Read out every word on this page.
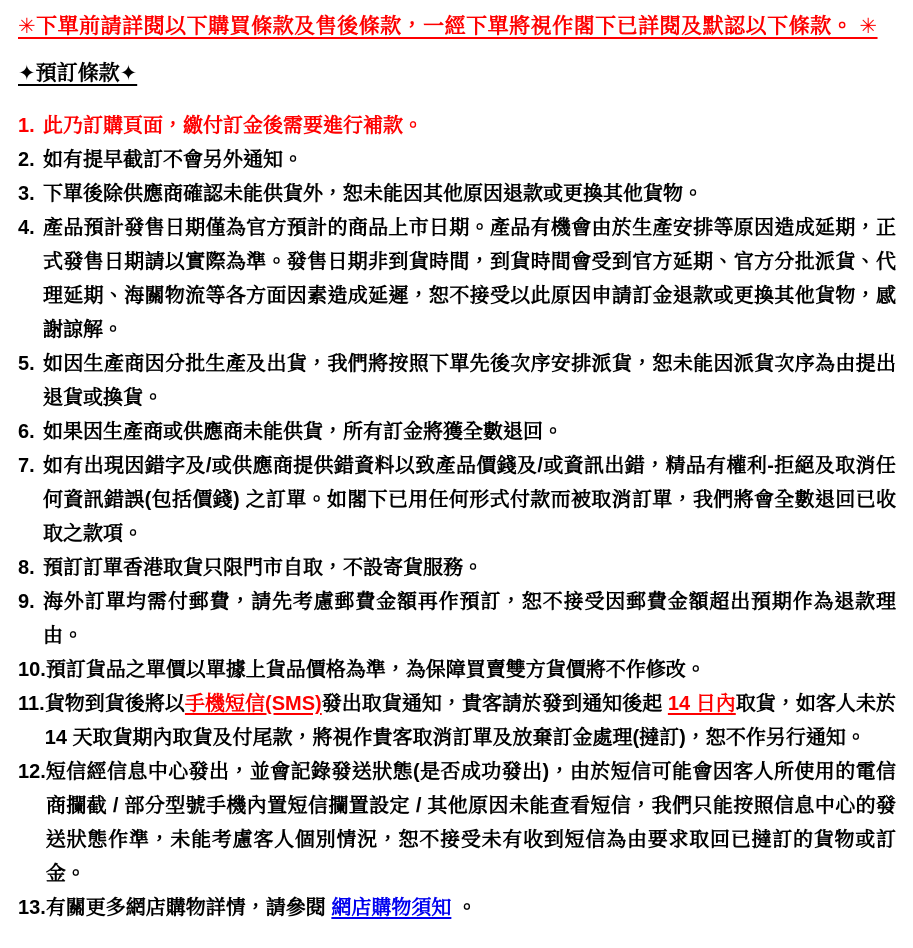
✳下單前請詳閱以下購買條款及售後條款，一經下單將視作閣下已詳閱及默認以下條款。 ✳
✦預訂條款✦
1. 此乃訂購頁面，繳付訂金後需要進行補款。
2. 如有提早截訂不會另外通知。
3. 下單後除供應商確認未能供貨外，恕未能因其他原因退款或更換其他貨物。
4. 產品預計發售日期僅為官方預計的商品上市日期。產品有機會由於生產安排等原因造成延期，正式發售日期請以實際為準。發售日期非到貨時間，到貨時間會受到官方延期、官方分批派貨、代理延期、海關物流等各方面因素造成延遲，恕不接受以此原因申請訂金退款或更換其他貨物，感謝諒解。
5. 如因生產商因分批生產及出貨，我們將按照下單先後次序安排派貨，恕未能因派貨次序為由提出退貨或換貨。
6. 如果因生產商或供應商未能供貨，所有訂金將獲全數退回。
7. 如有出現因錯字及/或供應商提供錯資料以致產品價錢及/或資訊出錯，精品有權利-拒絕及取消任何資訊錯誤(包括價錢) 之訂單。如閣下已用任何形式付款而被取消訂單，我們將會全數退回已收取之款項。
8. 預訂訂單香港取貨只限門市自取，不設寄貨服務。
9. 海外訂單均需付郵費，請先考慮郵費金額再作預訂，恕不接受因郵費金額超出預期作為退款理由。
10. 預訂貨品之單價以單據上貨品價格為準，為保障買賣雙方貨價將不作修改。
11. 貨物到貨後將以手機短信(SMS)發出取貨通知，貴客請於發到通知後起 14 日內取貨，如客人未於 14 天取貨期內取貨及付尾款，將視作貴客取消訂單及放棄訂金處理(撻訂)，恕不作另行通知。
12. 短信經信息中心發出，並會記錄發送狀態(是否成功發出)，由於短信可能會因客人所使用的電信商攔截 / 部分型號手機內置短信攔置設定 / 其他原因未能查看短信，我們只能按照信息中心的發送狀態作準，未能考慮客人個別情況，恕不接受未有收到短信為由要求取回已撻訂的貨物或訂金。
13. 有關更多網店購物詳情，請參閱 網店購物須知 。
